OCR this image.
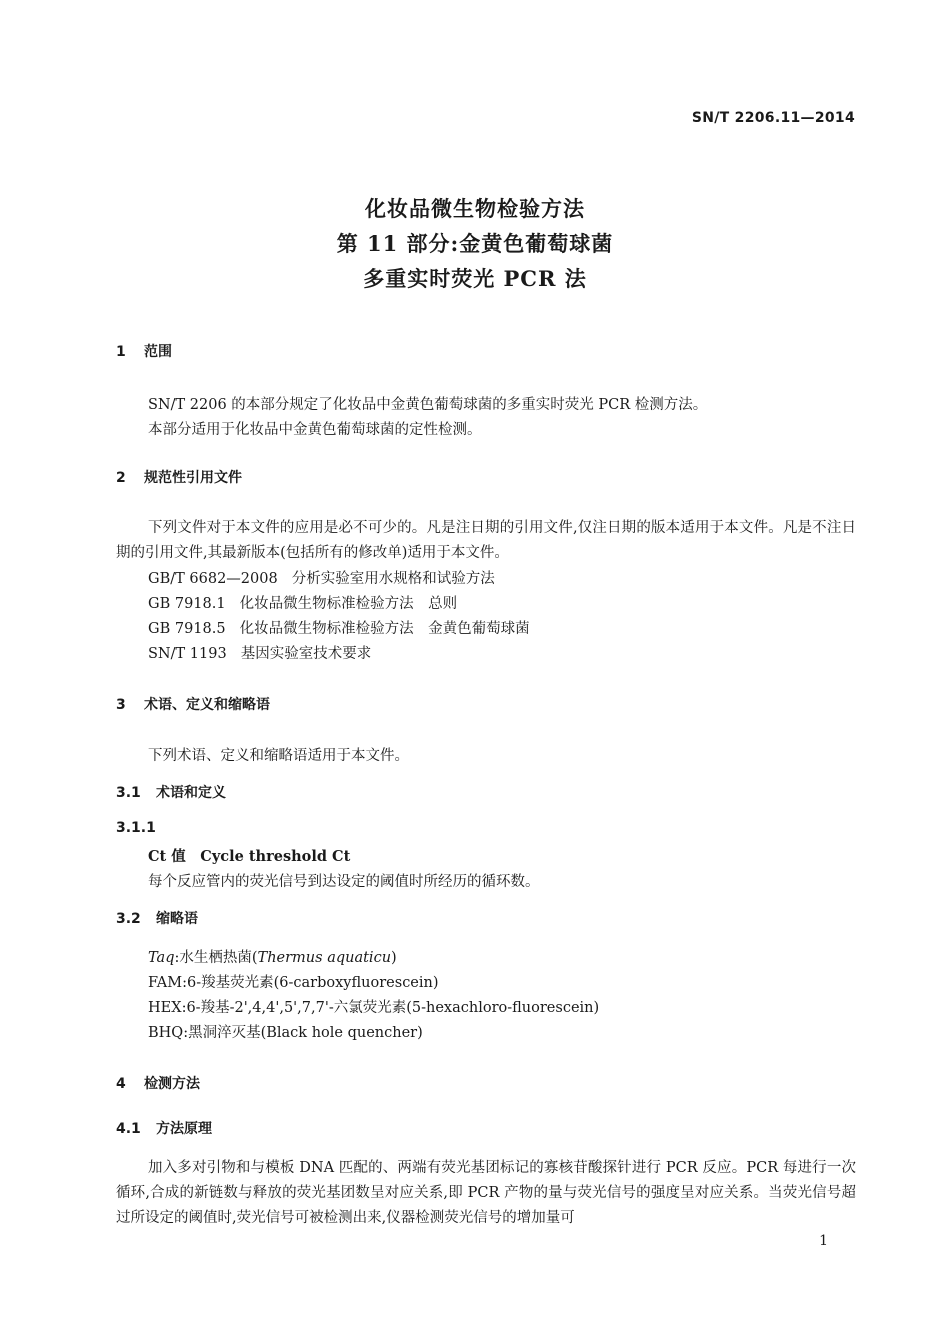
SN/T 2206.11—2014
化妆品微生物检验方法
第 11 部分:金黄色葡萄球菌
多重实时荧光 PCR 法
1 范围
SN/T 2206 的本部分规定了化妆品中金黄色葡萄球菌的多重实时荧光 PCR 检测方法。
本部分适用于化妆品中金黄色葡萄球菌的定性检测。
2 规范性引用文件
下列文件对于本文件的应用是必不可少的。凡是注日期的引用文件,仅注日期的版本适用于本文件。凡是不注日期的引用文件,其最新版本(包括所有的修改单)适用于本文件。
GB/T 6682—2008 分析实验室用水规格和试验方法
GB 7918.1 化妆品微生物标准检验方法　总则
GB 7918.5 化妆品微生物标准检验方法　金黄色葡萄球菌
SN/T 1193 基因实验室技术要求
3 术语、定义和缩略语
下列术语、定义和缩略语适用于本文件。
3.1 术语和定义
3.1.1
Ct 值　Cycle threshold Ct
每个反应管内的荧光信号到达设定的阈值时所经历的循环数。
3.2 缩略语
Taq:水生栖热菌(Thermus aquaticu)
FAM:6-羧基荧光素(6-carboxyfluorescein)
HEX:6-羧基-2',4,4',5',7,7'-六氯荧光素(5-hexachloro-fluorescein)
BHQ:黑洞淬灭基(Black hole quencher)
4 检测方法
4.1 方法原理
加入多对引物和与模板 DNA 匹配的、两端有荧光基团标记的寡核苷酸探针进行 PCR 反应。PCR 每进行一次循环,合成的新链数与释放的荧光基团数呈对应关系,即 PCR 产物的量与荧光信号的强度呈对应关系。当荧光信号超过所设定的阈值时,荧光信号可被检测出来,仪器检测荧光信号的增加量可
1
